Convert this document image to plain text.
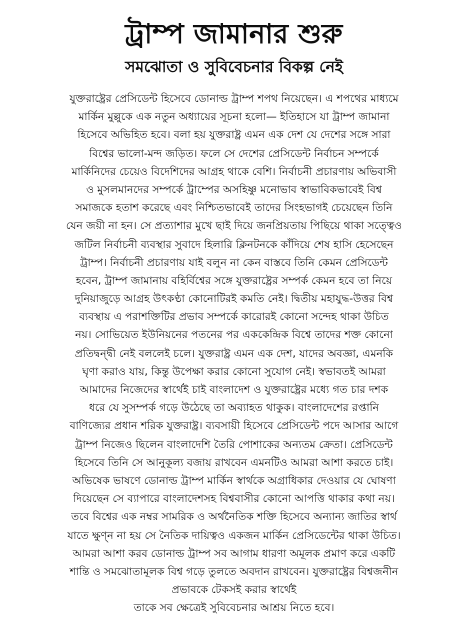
ট্রাম্প জামানার শুরু
সমঝোতা ও সুবিবেচনার বিকল্প নেই
যুক্তরাষ্ট্রের প্রেসিডেন্ট হিসেবে ডোনাল্ড ট্রাম্প শপথ নিয়েছেন। এ শপথের মাধ্যমে
মার্কিন মুল্লুকে এক নতুন অধ্যায়ের সূচনা হলো— ইতিহাসে যা ট্রাম্প জামানা
হিসেবে অভিহিত হবে। বলা হয় যুক্তরাষ্ট্র এমন এক দেশ যে দেশের সঙ্গে সারা
বিশ্বের ভালো-মন্দ জড়িত। ফলে সে দেশের প্রেসিডেন্ট নির্বাচন সম্পর্কে
মার্কিনিদের চেয়েও বিদেশিদের আগ্রহ থাকে বেশি। নির্বাচনী প্রচারণায় অভিবাসী
ও মুসলমানদের সম্পর্কে ট্রাম্পের অসহিষ্ণু মনোভাব স্বাভাবিকভাবেই বিশ্ব
সমাজকে হতাশ করেছে এবং নিশ্চিতভাবেই তাদের সিংহভাগই চেয়েছেন তিনি
যেন জয়ী না হন। সে প্রত্যাশার মুখে ছাই দিয়ে জনপ্রিয়তায় পিছিয়ে থাকা সত্ত্বেও
জটিল নির্বাচনী ব্যবস্থার সুবাদে হিলারি ক্লিনটনকে কাঁদিয়ে শেষ হাসি হেসেছেন
ট্রাম্প। নির্বাচনী প্রচারণায় যাই বলুন না কেন বাস্তবে তিনি কেমন প্রেসিডেন্ট
হবেন, ট্রাম্প জামানায় বহির্বিশ্বের সঙ্গে যুক্তরাষ্ট্রের সম্পর্ক কেমন হবে তা নিয়ে
দুনিয়াজুড়ে আগ্রহ উৎকণ্ঠা কোনোটিরই কমতি নেই। দ্বিতীয় মহাযুদ্ধ-উত্তর বিশ্ব
ব্যবস্থায় এ পরাশক্তিটির প্রভাব সম্পর্কে কারোরই কোনো সন্দেহ থাকা উচিত
নয়। সোভিয়েত ইউনিয়নের পতনের পর এককেন্দ্রিক বিশ্বে তাদের শক্ত কোনো
প্রতিদ্বন্দ্বী নেই বললেই চলে। যুক্তরাষ্ট্র এমন এক দেশ, যাদের অবজ্ঞা, এমনকি
ঘৃণা করাও যায়, কিন্তু উপেক্ষা করার কোনো সুযোগ নেই। স্বভাবতই আমরা
আমাদের নিজেদের স্বার্থেই চাই বাংলাদেশ ও যুক্তরাষ্ট্রের মধ্যে গত চার দশক
ধরে যে সুসম্পর্ক গড়ে উঠেছে তা অব্যাহত থাকুক। বাংলাদেশের রপ্তানি
বাণিজ্যের প্রধান শরিক যুক্তরাষ্ট্র। ব্যবসায়ী হিসেবে প্রেসিডেন্ট পদে আসার আগে
ট্রাম্প নিজেও ছিলেন বাংলাদেশি তৈরি পোশাকের অন্যতম ক্রেতা। প্রেসিডেন্ট
হিসেবে তিনি সে আনুকূল্য বজায় রাখবেন এমনটিও আমরা আশা করতে চাই।
অভিষেক ভাষণে ডোনাল্ড ট্রাম্প মার্কিন স্বার্থকে অগ্রাধিকার দেওয়ার যে ঘোষণা
দিয়েছেন সে ব্যাপারে বাংলাদেশসহ বিশ্ববাসীর কোনো আপত্তি থাকার কথা নয়।
তবে বিশ্বের এক নম্বর সামরিক ও অর্থনৈতিক শক্তি হিসেবে অন্যান্য জাতির স্বার্থ
যাতে ক্ষুণ্ন না হয় সে নৈতিক দায়িত্বও একজন মার্কিন প্রেসিডেন্টের থাকা উচিত।
আমরা আশা করব ডোনাল্ড ট্রাম্প সব আগাম ধারণা অমূলক প্রমাণ করে একটি
শান্তি ও সমঝোতামূলক বিশ্ব গড়ে তুলতে অবদান রাখবেন। যুক্তরাষ্ট্রের বিশ্বজনীন
প্রভাবকে টেকসই করার স্বার্থেই
তাকে সব ক্ষেত্রেই সুবিবেচনার আশ্রয় নিতে হবে।
